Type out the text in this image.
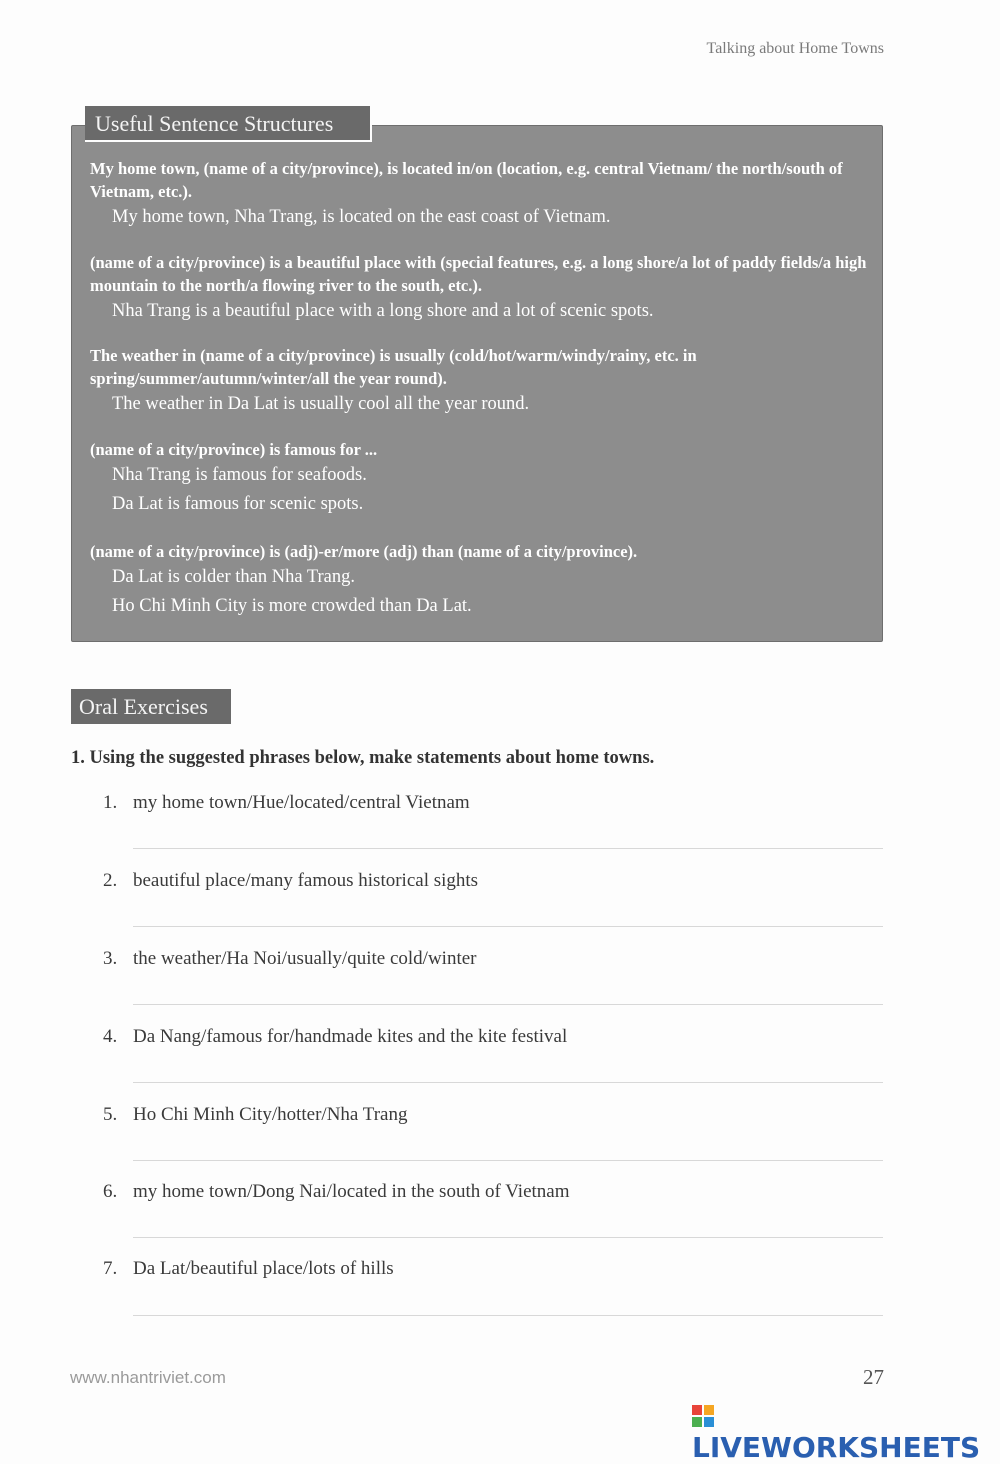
Talking about Home Towns
Useful Sentence Structures
My home town, (name of a city/province), is located in/on (location, e.g. central Vietnam/ the north/south of Vietnam, etc.).
My home town, Nha Trang, is located on the east coast of Vietnam.
(name of a city/province) is a beautiful place with (special features, e.g. a long shore/a lot of paddy fields/a high mountain to the north/a flowing river to the south, etc.).
Nha Trang is a beautiful place with a long shore and a lot of scenic spots.
The weather in (name of a city/province) is usually (cold/hot/warm/windy/rainy, etc. in spring/summer/autumn/winter/all the year round).
The weather in Da Lat is usually cool all the year round.
(name of a city/province) is famous for ...
Nha Trang is famous for seafoods.
Da Lat is famous for scenic spots.
(name of a city/province) is (adj)-er/more (adj) than (name of a city/province).
Da Lat is colder than Nha Trang.
Ho Chi Minh City is more crowded than Da Lat.
Oral Exercises
1. Using the suggested phrases below, make statements about home towns.
1. my home town/Hue/located/central Vietnam
2. beautiful place/many famous historical sights
3. the weather/Ha Noi/usually/quite cold/winter
4. Da Nang/famous for/handmade kites and the kite festival
5. Ho Chi Minh City/hotter/Nha Trang
6. my home town/Dong Nai/located in the south of Vietnam
7. Da Lat/beautiful place/lots of hills
www.nhantriviet.com	27
LIVEWORKSHEETS
